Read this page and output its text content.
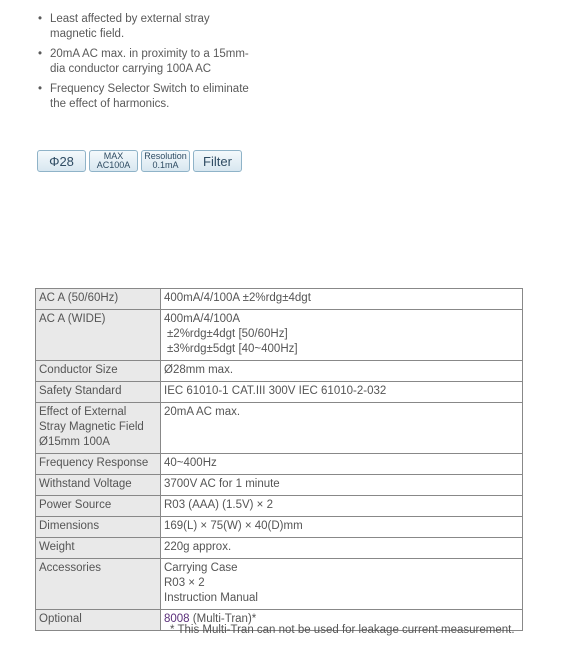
• Least affected by external stray magnetic field.
• 20mA AC max. in proximity to a 15mm-dia conductor carrying 100A AC
• Frequency Selector Switch to eliminate the effect of harmonics.
Φ28	MAX
AC100A
Resolution
0.1mA Filter
AC A (50/60Hz)	400mA/4/100A ±2%rdg±4dgt
AC A (WIDE)	400mA/4/100A
±2%rdg±4dgt [50/60Hz]
±3%rdg±5dgt [40~400Hz]

Conductor Size	Ø28mm max.
Safety Standard	IEC 61010-1 CAT.III 300V IEC 61010-2-032

Effect of External
Stray Magnetic Field
Ø15mm 100A	20mA AC max.
Frequency Response	40~400Hz
Withstand Voltage	3700V AC for 1 minute
Power Source	R03 (AAA) (1.5V) × 2
Dimensions	169(L) × 75(W) × 40(D)mm
Weight	220g approx.
Accessories	Carrying Case
R03 × 2
Instruction Manual

Optional	8008 (Multi-Tran)*
* This Multi-Tran can not be used for leakage current measurement.
